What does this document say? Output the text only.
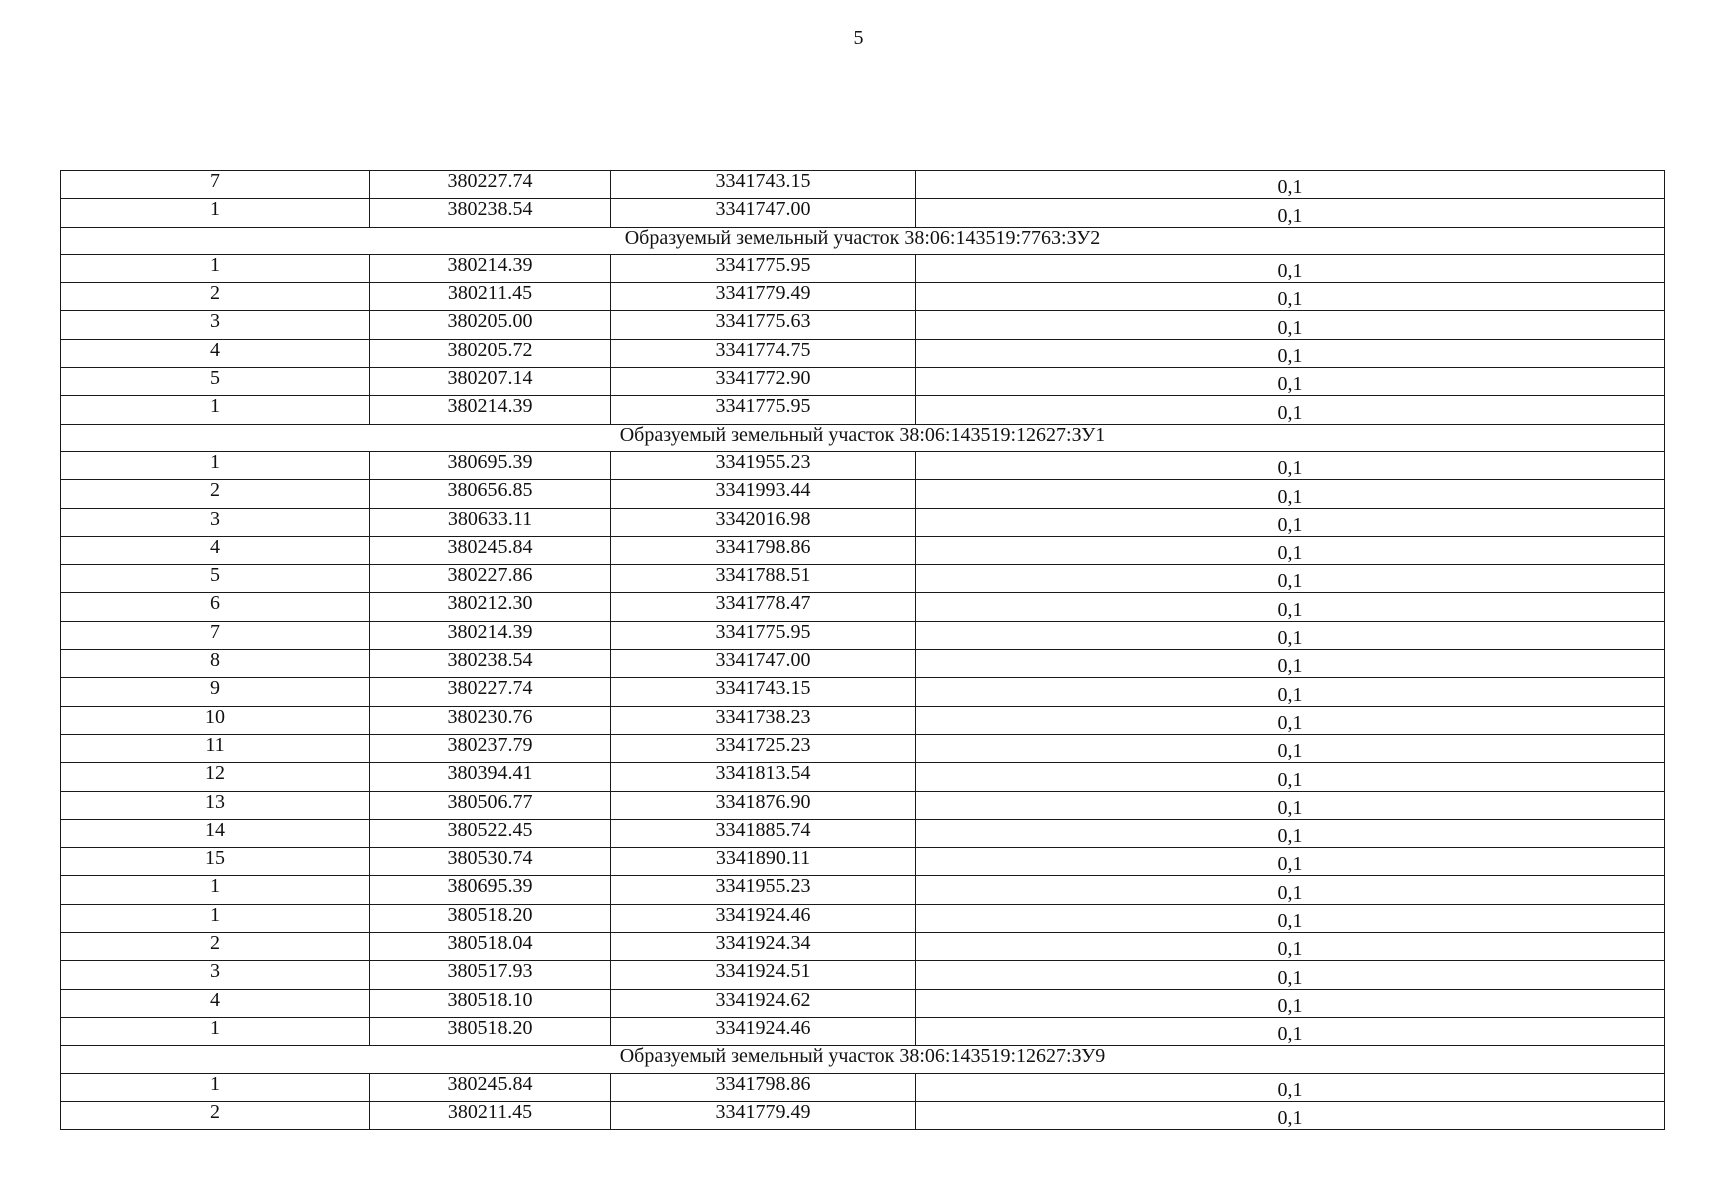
5
7	380227.74	3341743.15	0,1
1	380238.54	3341747.00	0,1
Образуемый земельный участок 38:06:143519:7763:ЗУ2			
1	380214.39	3341775.95	0,1
2	380211.45	3341779.49	0,1
3	380205.00	3341775.63	0,1
4	380205.72	3341774.75	0,1
5	380207.14	3341772.90	0,1
1	380214.39	3341775.95	0,1
Образуемый земельный участок 38:06:143519:12627:ЗУ1			
1	380695.39	3341955.23	0,1
2	380656.85	3341993.44	0,1
3	380633.11	3342016.98	0,1
4	380245.84	3341798.86	0,1
5	380227.86	3341788.51	0,1
6	380212.30	3341778.47	0,1
7	380214.39	3341775.95	0,1
8	380238.54	3341747.00	0,1
9	380227.74	3341743.15	0,1
10	380230.76	3341738.23	0,1
11	380237.79	3341725.23	0,1
12	380394.41	3341813.54	0,1
13	380506.77	3341876.90	0,1
14	380522.45	3341885.74	0,1
15	380530.74	3341890.11	0,1
1	380695.39	3341955.23	0,1
1	380518.20	3341924.46	0,1
2	380518.04	3341924.34	0,1
3	380517.93	3341924.51	0,1
4	380518.10	3341924.62	0,1
1	380518.20	3341924.46	0,1
Образуемый земельный участок 38:06:143519:12627:ЗУ9			
1	380245.84	3341798.86	0,1
2	380211.45	3341779.49	0,1
